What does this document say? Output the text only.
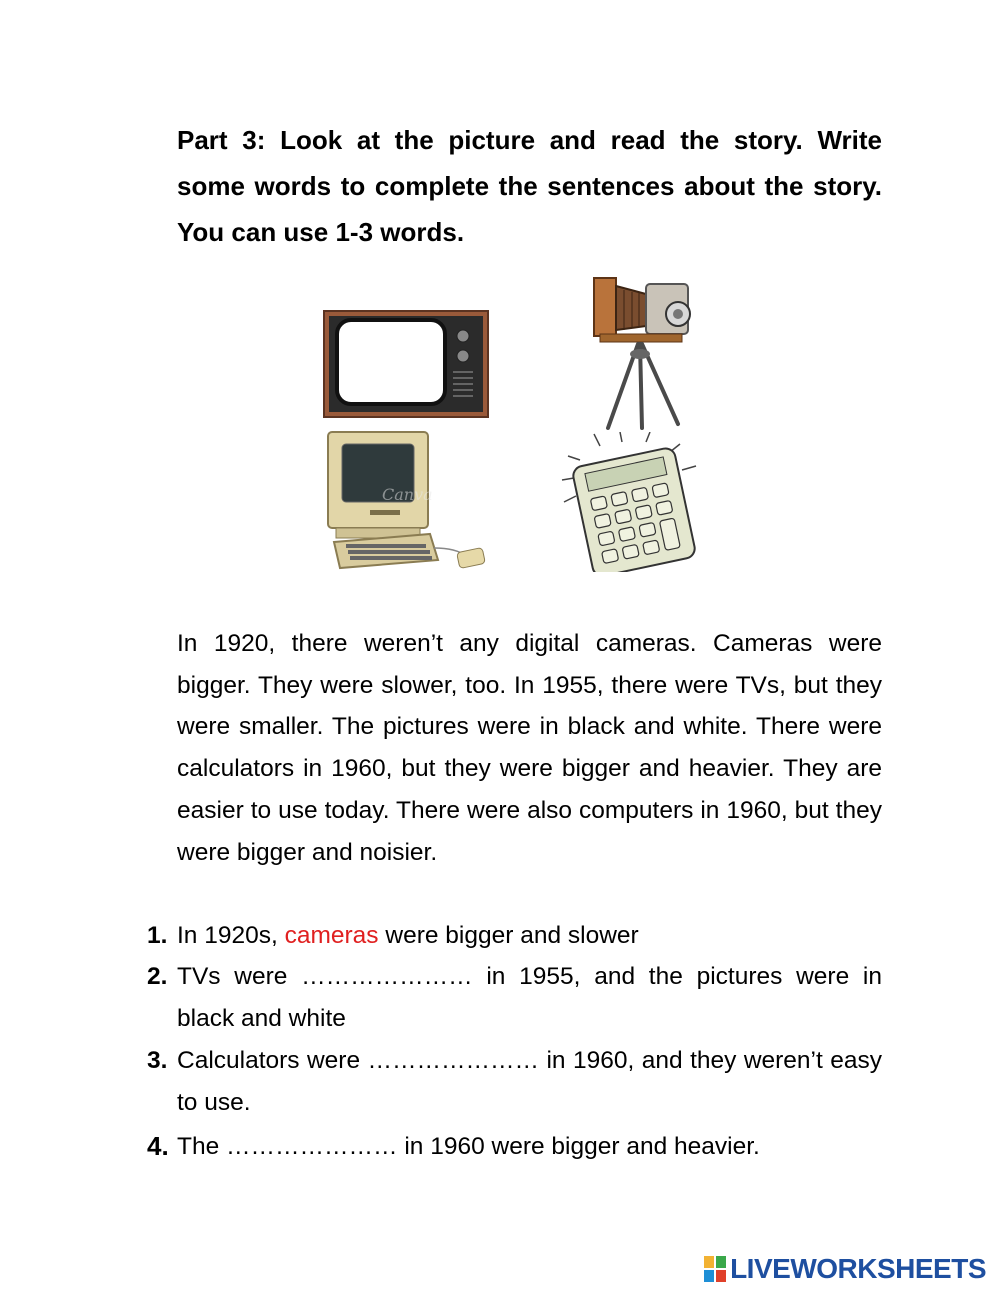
Part 3: Look at the picture and read the story. Write some words to complete the sentences about the story. You can use 1-3 words.
Canva
In 1920, there weren’t any digital cameras. Cameras were bigger. They were slower, too. In 1955, there were TVs, but they were smaller. The pictures were in black and white. There were calculators in 1960, but they were bigger and heavier. They are easier to use today. There were also computers in 1960, but they were bigger and noisier.
1. In 1920s, cameras were bigger and slower
2. TVs were ………………… in 1955, and the pictures were in black and white
3. Calculators were ………………… in 1960, and they weren’t easy to use.
4. The ………………… in 1960 were bigger and heavier.
LIVEWORKSHEETS
